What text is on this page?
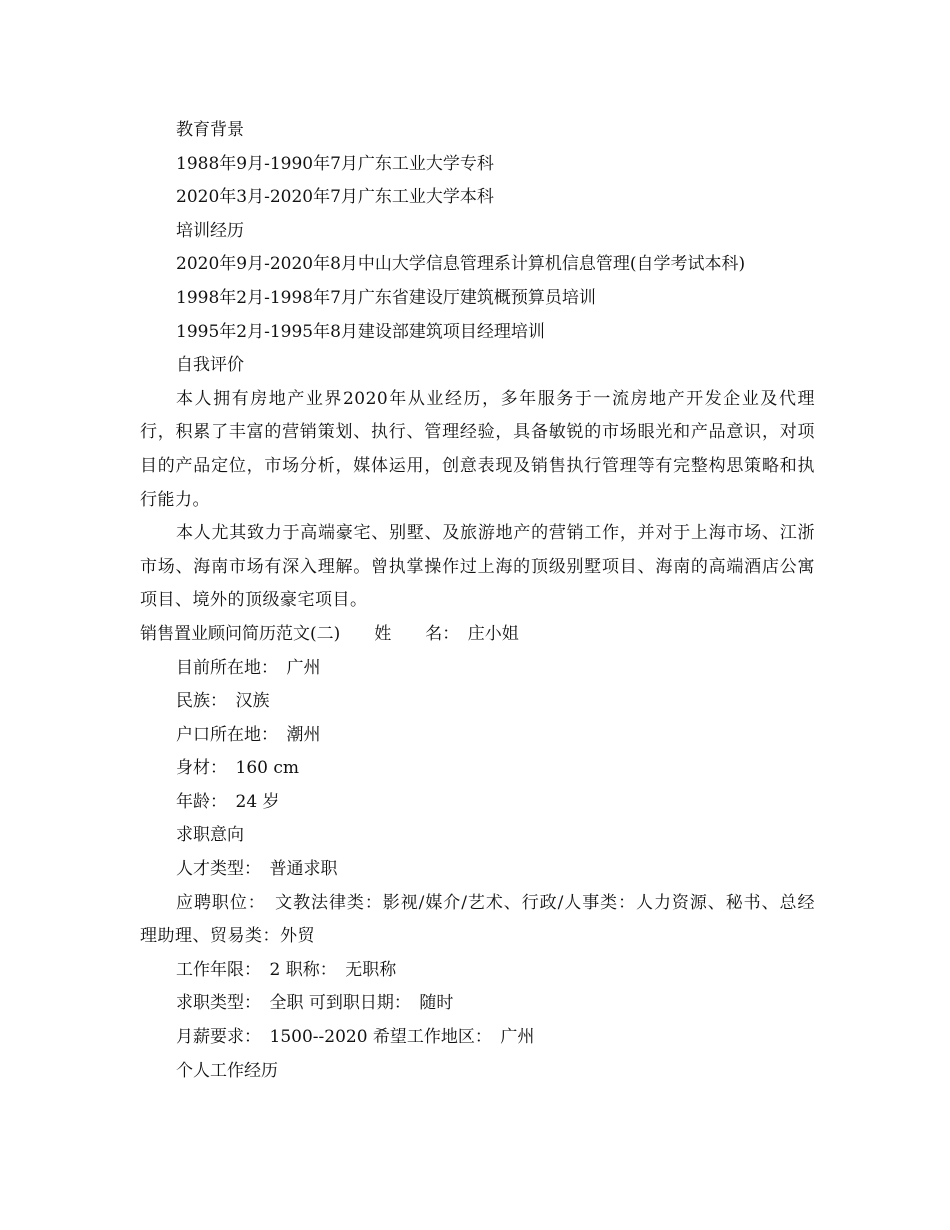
教育背景
1988年9月-1990年7月广东工业大学专科
2020年3月-2020年7月广东工业大学本科
培训经历
2020年9月-2020年8月中山大学信息管理系计算机信息管理(自学考试本科)
1998年2月-1998年7月广东省建设厅建筑概预算员培训
1995年2月-1995年8月建设部建筑项目经理培训
自我评价

本人拥有房地产业界2020年从业经历，多年服务于一流房地产开发企业及代理行，积累了丰富的营销策划、执行、管理经验，具备敏锐的市场眼光和产品意识，对项目的产品定位，市场分析，媒体运用，创意表现及销售执行管理等有完整构思策略和执行能力。

本人尤其致力于高端豪宅、别墅、及旅游地产的营销工作，并对于上海市场、江浙市场、海南市场有深入理解。曾执掌操作过上海的顶级别墅项目、海南的高端酒店公寓项目、境外的顶级豪宅项目。

销售置业顾问简历范文(二)　　姓　　名：　庄小姐
目前所在地：　广州
民族：　汉族
户口所在地：　潮州
身材：　160 cm
年龄：　24 岁
求职意向
人才类型：　普通求职

应聘职位：　文教法律类：影视/媒介/艺术、行政/人事类：人力资源、秘书、总经理助理、贸易类：外贸

工作年限：　2 职称：　无职称
求职类型：　全职 可到职日期：　随时
月薪要求：　1500--2020 希望工作地区：　广州
个人工作经历
